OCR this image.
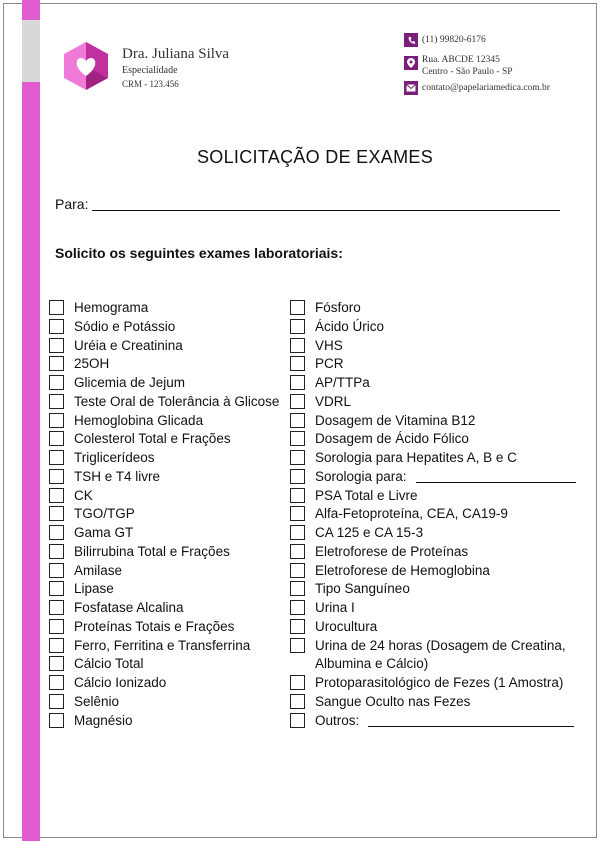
Dra. Juliana Silva
Especialidade
CRM - 123.456
(11) 99820-6176
Rua. ABCDE 12345
Centro - São Paulo - SP
contato@papelariamedica.com.br
SOLICITAÇÃO DE EXAMES
Para:
Solicito os seguintes exames laboratoriais:
Hemograma
Sódio e Potássio
Uréia e Creatinina
25OH
Glicemia de Jejum
Teste Oral de Tolerância à Glicose
Hemoglobina Glicada
Colesterol Total e Frações
Triglicerídeos
TSH e T4 livre
CK
TGO/TGP
Gama GT
Bilirrubina Total e Frações
Amilase
Lipase
Fosfatase Alcalina
Proteínas Totais e Frações
Ferro, Ferritina e Transferrina
Cálcio Total
Cálcio Ionizado
Selênio
Magnésio
Fósforo
Ácido Úrico
VHS
PCR
AP/TTPa
VDRL
Dosagem de Vitamina B12
Dosagem de Ácido Fólico
Sorologia para Hepatites A, B e C
Sorologia para:
PSA Total e Livre
Alfa-Fetoproteína, CEA, CA19-9
CA 125 e CA 15-3
Eletroforese de Proteínas
Eletroforese de Hemoglobina
Tipo Sanguíneo
Urina I
Urocultura
Urina de 24 horas (Dosagem de Creatina,
Albumina e Cálcio)
Protoparasitológico de Fezes (1 Amostra)
Sangue Oculto nas Fezes
Outros:
